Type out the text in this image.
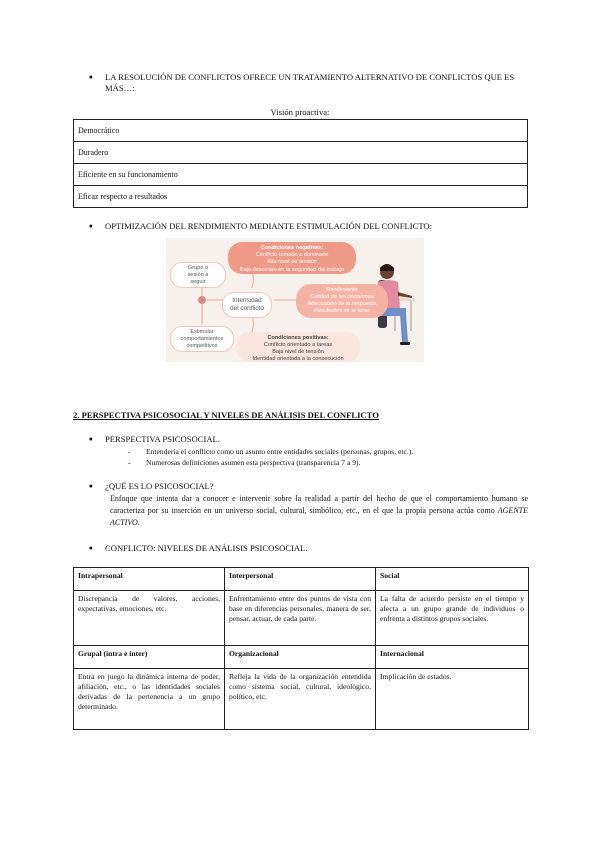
●	LA RESOLUCIÓN DE CONFLICTOS OFRECE UN TRATAMIENTO ALTERNATIVO DE CONFLICTOS QUE ES MÁS…:
Visión proactiva:
Democrático
Duradero
Eficiente en su funcionamiento
Eficaz respecto a resultados
●	OPTIMIZACIÓN DEL RENDIMIENTO MEDIANTE ESTIMULACIÓN DEL CONFLICTO:
Condiciones negativas:
Conflicto tomado a dominado
Alto nivel de tensión
Bajo descenso en la seguridad del trabajo
Grupo o
sesión a
seguir
Intensidad
del conflicto
Rendimiento
Calidad de las decisiones
Adecuación de la respuesta
Resultados de la tarea
Estimular
comportamientos
competitivos
Condiciones positivas:
Conflicto orientado a tareas
Baja nivel de tensión
Identidad orientada a la consecución
2. PERSPECTIVA PSICOSOCIAL Y NIVELES DE ANÁLISIS DEL CONFLICTO
●	PERSPECTIVA PSICOSOCIAL.
-	Entendería el conflicto como un asunto entre entidades sociales (personas, grupos, etc.).
-	Numerosas definiciones asumen esta perspectiva (transparencia 7 a 9).
●	¿QUÉ ES LO PSICOSOCIAL?
Enfoque que intenta dar a conocer e intervenir sobre la realidad a partir del hecho de que el comportamiento humano se caracteriza por su inserción en un universo social, cultural, simbólico, etc., en el que la propia persona actúa como AGENTE ACTIVO.
●	CONFLICTO: NIVELES DE ANÁLISIS PSICOSOCIAL.
Intrapersonal	Interpersonal	Social
Discrepancia de valores, acciones, expectativas, emociones, etc.	Enfrentamiento entre dos puntos de vista con base en diferencias personales, manera de ser, pensar, actuar, de cada parte.	La falta de acuerdo persiste en el tiempo y afecta a un grupo grande de individuos o enfrenta a distintos grupos sociales.
Grupal (intra e inter)	Organizacional	Internacional
Entra en juego la dinámica interna de poder, afiliación, etc., o las identidades sociales derivadas de la pertenencia a un grupo determinado.	Refleja la vida de la organización entendida como sistema social, cultural, ideológico, político, etc.	Implicación de estados.
